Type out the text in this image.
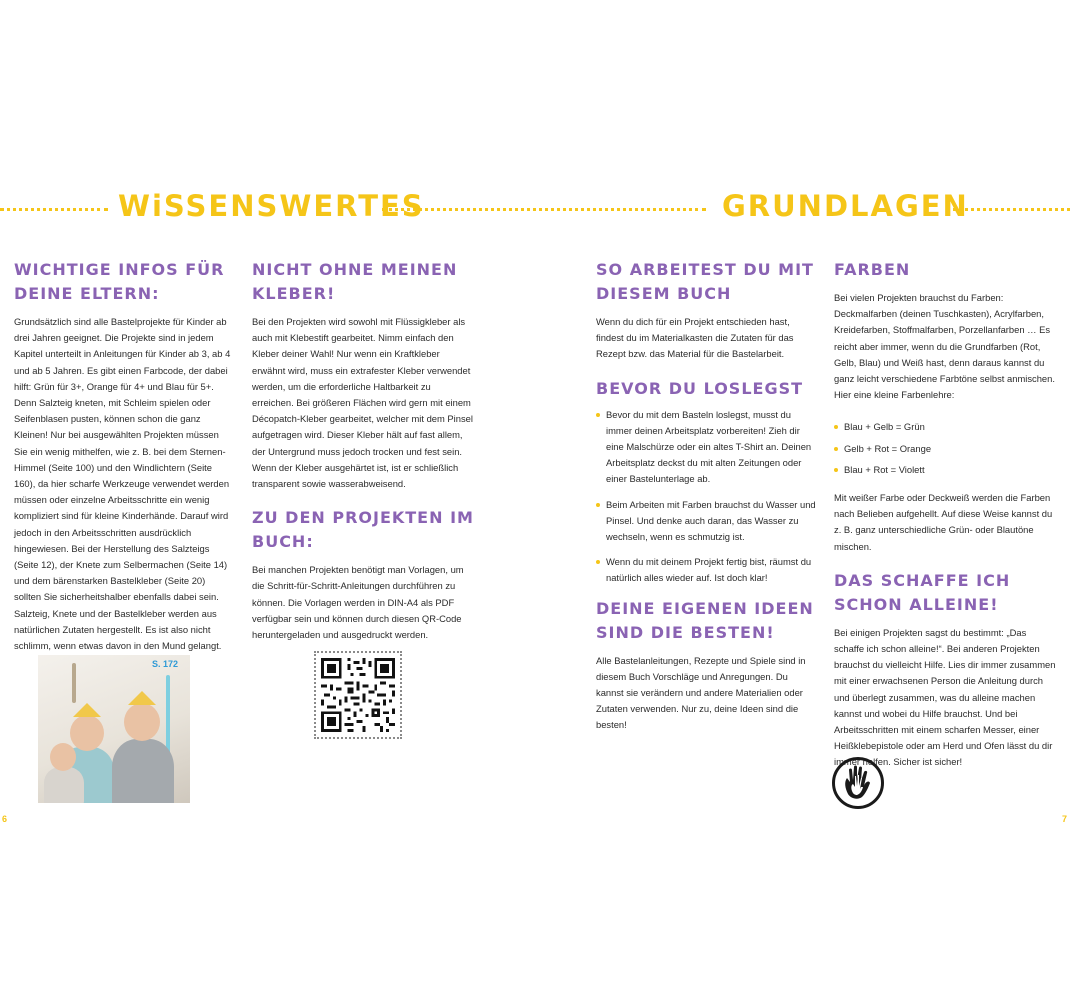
WiSSENSWERTES	GRUNDLAGEN
WICHTIGE INFOS FÜR DEINE ELTERN:
Grundsätzlich sind alle Bastelprojekte für Kinder ab drei Jahren geeignet. Die Projekte sind in jedem Kapitel unterteilt in Anleitungen für Kinder ab 3, ab 4 und ab 5 Jahren. Es gibt einen Farbcode, der dabei hilft: Grün für 3+, Orange für 4+ und Blau für 5+. Denn Salzteig kneten, mit Schleim spielen oder Seifenblasen pusten, können schon die ganz Kleinen! Nur bei ausgewählten Projekten müssen Sie ein wenig mithelfen, wie z. B. bei dem Sternen-Himmel (Seite 100) und den Windlichtern (Seite 160), da hier scharfe Werkzeuge verwendet werden müssen oder einzelne Arbeitsschritte ein wenig kompliziert sind für kleine Kinderhände. Darauf wird jedoch in den Arbeitsschritten ausdrücklich hingewiesen. Bei der Herstellung des Salzteigs (Seite 12), der Knete zum Selbermachen (Seite 14) und dem bärenstarken Bastelkleber (Seite 20) sollten Sie sicherheitshalber ebenfalls dabei sein. Salzteig, Knete und der Bastelkleber werden aus natürlichen Zutaten hergestellt. Es ist also nicht schlimm, wenn etwas davon in den Mund gelangt.
S. 172
NICHT OHNE MEINEN KLEBER!
Bei den Projekten wird sowohl mit Flüssigkleber als auch mit Klebestift gearbeitet. Nimm einfach den Kleber deiner Wahl! Nur wenn ein Kraftkleber erwähnt wird, muss ein extrafester Kleber verwendet werden, um die erforderliche Haltbarkeit zu erreichen. Bei größeren Flächen wird gern mit einem Décopatch-Kleber gearbeitet, welcher mit dem Pinsel aufgetragen wird. Dieser Kleber hält auf fast allem, der Untergrund muss jedoch trocken und fest sein. Wenn der Kleber ausgehärtet ist, ist er schließlich transparent sowie wasserabweisend.
ZU DEN PROJEKTEN IM BUCH:
Bei manchen Projekten benötigt man Vorlagen, um die Schritt-für-Schritt-Anleitungen durchführen zu können. Die Vorlagen werden in DIN-A4 als PDF verfügbar sein und können durch diesen QR-Code heruntergeladen und ausgedruckt werden.
SO ARBEITEST DU MIT DIESEM BUCH
Wenn du dich für ein Projekt entschieden hast, findest du im Materialkasten die Zutaten für das Rezept bzw. das Material für die Bastelarbeit.
BEVOR DU LOSLEGST
Bevor du mit dem Basteln loslegst, musst du immer deinen Arbeitsplatz vorbereiten! Zieh dir eine Malschürze oder ein altes T-Shirt an. Deinen Arbeitsplatz deckst du mit alten Zeitungen oder einer Bastelunterlage ab.
Beim Arbeiten mit Farben brauchst du Wasser und Pinsel. Und denke auch daran, das Wasser zu wechseln, wenn es schmutzig ist.
Wenn du mit deinem Projekt fertig bist, räumst du natürlich alles wieder auf. Ist doch klar!
DEINE EIGENEN IDEEN SIND DIE BESTEN!
Alle Bastelanleitungen, Rezepte und Spiele sind in diesem Buch Vorschläge und Anregungen. Du kannst sie verändern und andere Materialien oder Zutaten verwenden. Nur zu, deine Ideen sind die besten!
FARBEN
Bei vielen Projekten brauchst du Farben: Deckmalfarben (deinen Tuschkasten), Acrylfarben, Kreidefarben, Stoffmalfarben, Porzellanfarben … Es reicht aber immer, wenn du die Grundfarben (Rot, Gelb, Blau) und Weiß hast, denn daraus kannst du ganz leicht verschiedene Farbtöne selbst anmischen. Hier eine kleine Farbenlehre:
Blau + Gelb = Grün
Gelb + Rot = Orange
Blau + Rot = Violett
Mit weißer Farbe oder Deckweiß werden die Farben nach Belieben aufgehellt. Auf diese Weise kannst du z. B. ganz unterschiedliche Grün- oder Blautöne mischen.
DAS SCHAFFE ICH SCHON ALLEINE!
Bei einigen Projekten sagst du bestimmt: „Das schaffe ich schon alleine!“. Bei anderen Projekten brauchst du vielleicht Hilfe. Lies dir immer zusammen mit einer erwachsenen Person die Anleitung durch und überlegt zusammen, was du alleine machen kannst und wobei du Hilfe brauchst. Und bei Arbeitsschritten mit einem scharfen Messer, einer Heißklebepistole oder am Herd und Ofen lässt du dir immer helfen. Sicher ist sicher!
6	7
